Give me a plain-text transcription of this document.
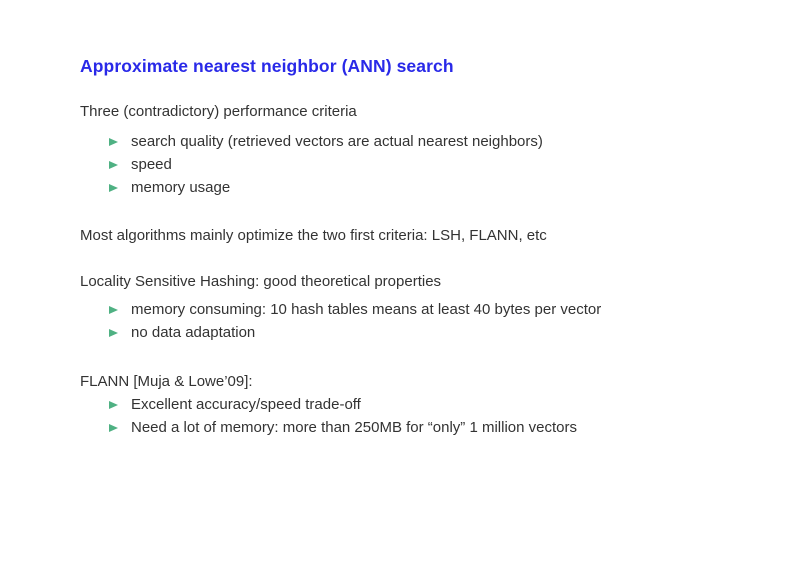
Approximate nearest neighbor (ANN) search
Three (contradictory) performance criteria
search quality (retrieved vectors are actual nearest neighbors)
speed
memory usage
Most algorithms mainly optimize the two first criteria: LSH, FLANN, etc
Locality Sensitive Hashing: good theoretical properties
memory consuming: 10 hash tables means at least 40 bytes per vector
no data adaptation
FLANN [Muja & Lowe’09]:
Excellent accuracy/speed trade-off
Need a lot of memory: more than 250MB for “only” 1 million vectors
